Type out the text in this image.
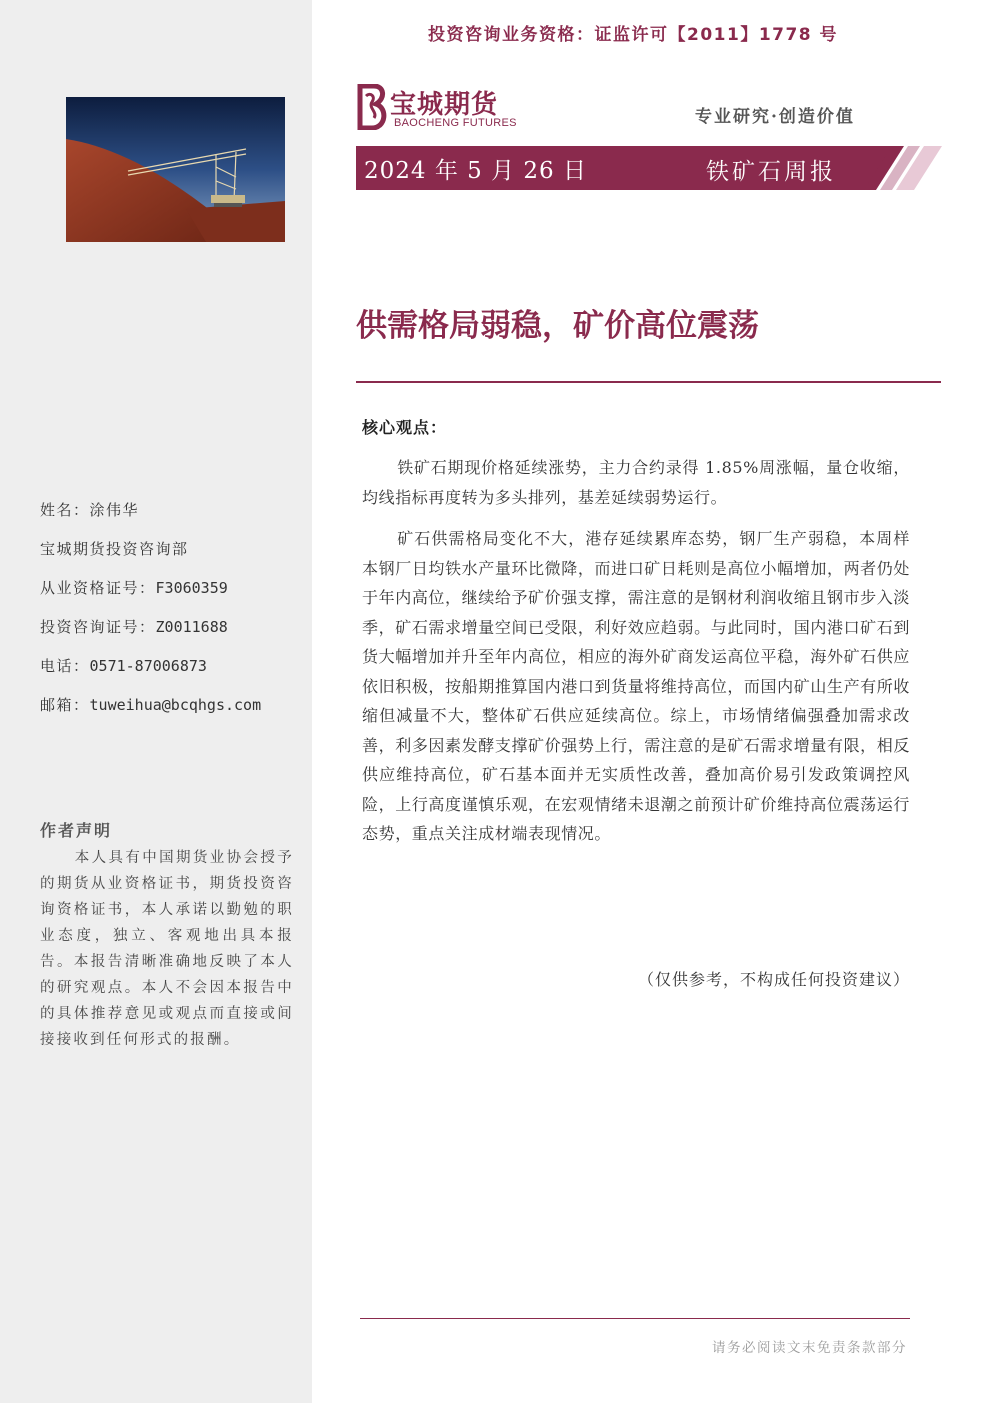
姓名：涂伟华
宝城期货投资咨询部
从业资格证号：F3060359
投资咨询证号：Z0011688
电话：0571-87006873
邮箱：tuweihua@bcqhgs.com
作者声明
本人具有中国期货业协会授予的期货从业资格证书，期货投资咨询资格证书，本人承诺以勤勉的职业态度，独立、客观地出具本报告。本报告清晰准确地反映了本人的研究观点。本人不会因本报告中的具体推荐意见或观点而直接或间接接收到任何形式的报酬。
投资咨询业务资格：证监许可【2011】1778 号
宝城期货
BAOCHENG FUTURES	专业研究·创造价值
2024 年 5 月 26 日	铁矿石周报
供需格局弱稳，矿价高位震荡
核心观点：

铁矿石期现价格延续涨势，主力合约录得 1.85%周涨幅，量仓收缩，均线指标再度转为多头排列，基差延续弱势运行。

矿石供需格局变化不大，港存延续累库态势，钢厂生产弱稳，本周样本钢厂日均铁水产量环比微降，而进口矿日耗则是高位小幅增加，两者仍处于年内高位，继续给予矿价强支撑，需注意的是钢材利润收缩且钢市步入淡季，矿石需求增量空间已受限，利好效应趋弱。与此同时，国内港口矿石到货大幅增加并升至年内高位，相应的海外矿商发运高位平稳，海外矿石供应依旧积极，按船期推算国内港口到货量将维持高位，而国内矿山生产有所收缩但减量不大，整体矿石供应延续高位。综上，市场情绪偏强叠加需求改善，利多因素发酵支撑矿价强势上行，需注意的是矿石需求增量有限，相反供应维持高位，矿石基本面并无实质性改善，叠加高价易引发政策调控风险，上行高度谨慎乐观，在宏观情绪未退潮之前预计矿价维持高位震荡运行态势，重点关注成材端表现情况。

（仅供参考，不构成任何投资建议）
请务必阅读文末免责条款部分
